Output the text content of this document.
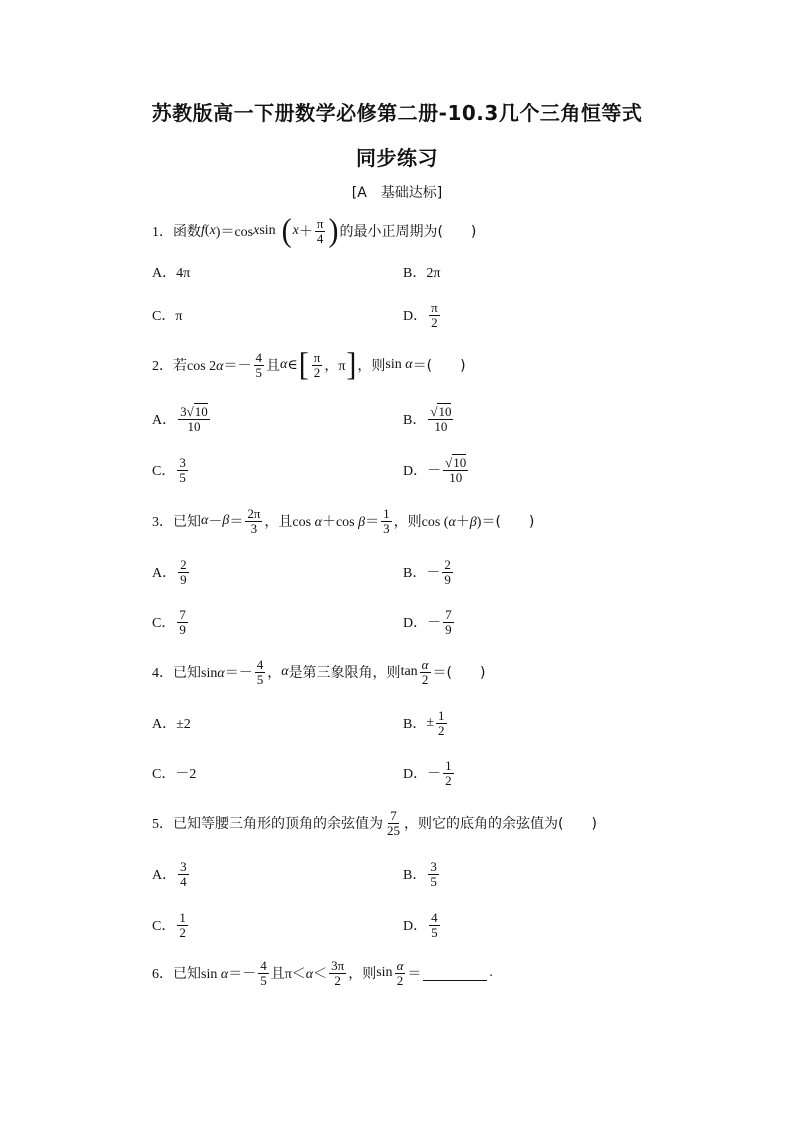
苏教版高一下册数学必修第二册-10.3几个三角恒等式
同步练习
[A　基础达标]
1． 函数 f ( x )＝cos x sin ( $x + \frac{\pi}{4}$ ) 的最小正周期为(　　)
A．4π	B．2π
C．π	D． $\frac{\pi}{2}$
2． 若 $\cos 2\alpha=- \frac{4}{5}$ 且 α ∈ [ $\frac{\pi}{2}$ ，π ] ，则 sin α ＝(　　)
A． $\frac{3√10}{10}$	B． $\frac{√10}{10}$
C． $\frac{3}{5}$	D． － $\frac{√10}{10}$
3． 已知 $\alpha - \beta = \frac{2\pi}{3}$ ，且 cos α＋cos $\beta= \frac{1}{3}$ ，则 cos (α＋β) ＝(　　)
A． $\frac{2}{9}$	B． － $\frac{2}{9}$
C． $\frac{7}{9}$	D． － $\frac{7}{9}$
4． 已知 $\sin\alpha=- \frac{4}{5}$ ， α 是第三象限角，则 $\tan \frac{\alpha}{2}$ ＝(　　)
A．±2	B． ± $\frac{1}{2}$
C．－2	D． － $\frac{1}{2}$
5． 已知等腰三角形的顶角的余弦值为 $\frac{7}{25}$ ，则它的底角的余弦值为(　　)
A． $\frac{3}{4}$	B． $\frac{3}{5}$
C． $\frac{1}{2}$	D． $\frac{4}{5}$
6． 已知 $\sin \alpha=- \frac{4}{5}$ 且 $\pi<\alpha< \frac{3\pi}{2}$ ，则 $\sin \frac{\alpha}{2}$ ＝	.
